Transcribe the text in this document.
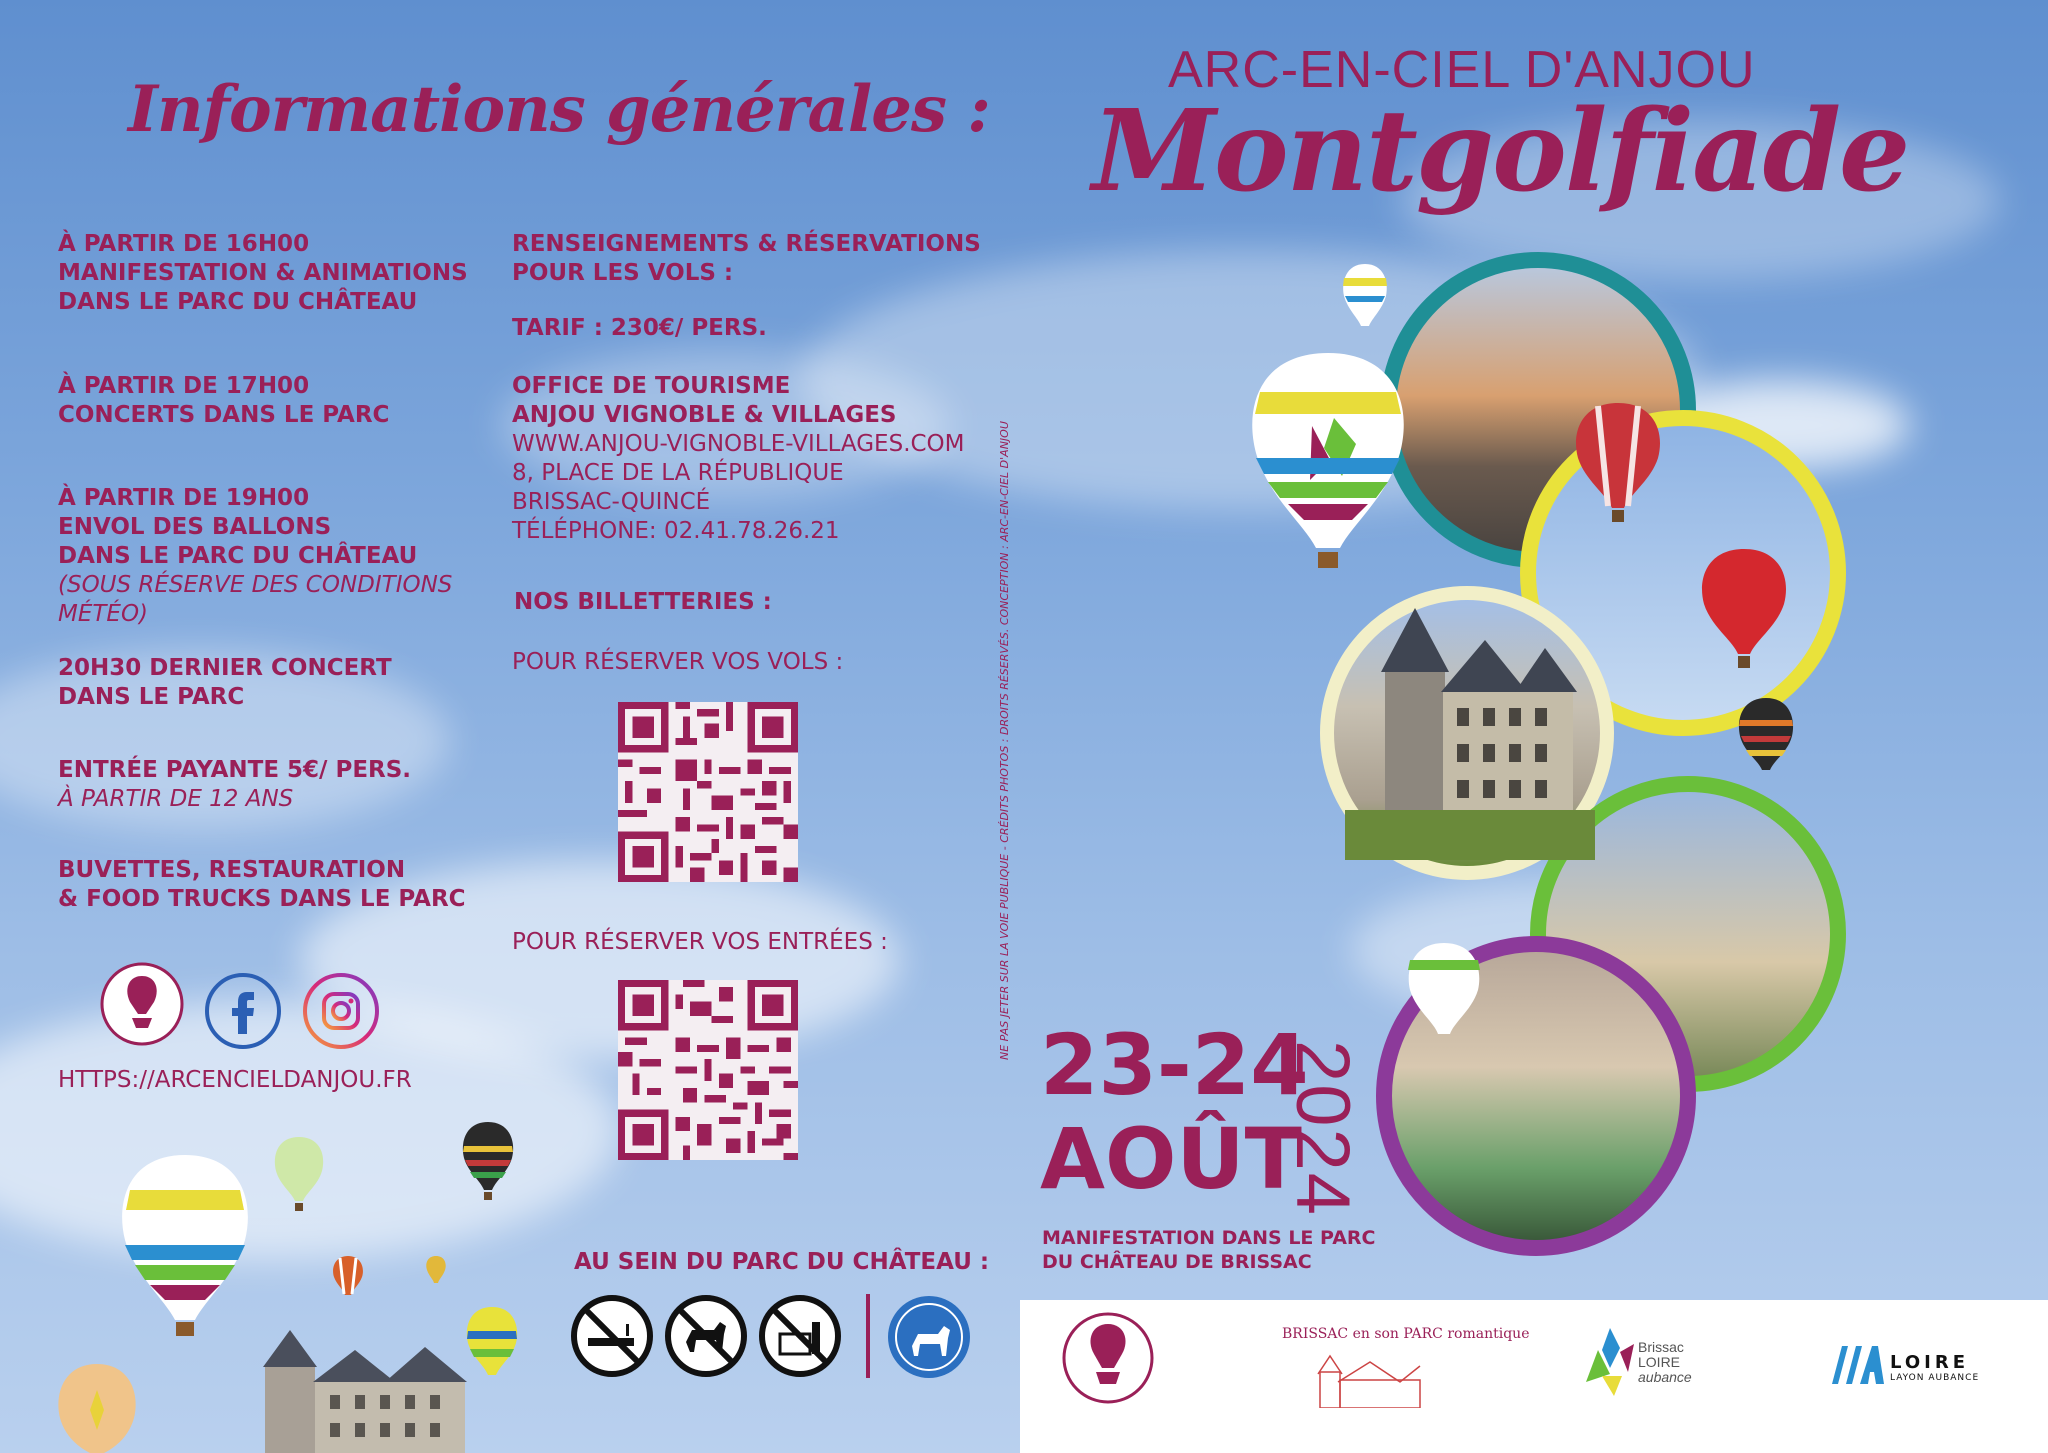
Informations générales :
À PARTIR DE 16H00
MANIFESTATION & ANIMATIONS
DANS LE PARC DU CHÂTEAU
À PARTIR DE 17H00
CONCERTS DANS LE PARC
À PARTIR DE 19H00
ENVOL DES BALLONS
DANS LE PARC DU CHÂTEAU
(SOUS RÉSERVE DES CONDITIONS
MÉTÉO)
20H30 DERNIER CONCERT
DANS LE PARC
ENTRÉE PAYANTE 5€/ PERS.
À PARTIR DE 12 ANS
BUVETTES, RESTAURATION
& FOOD TRUCKS DANS LE PARC
HTTPS://ARCENCIELDANJOU.FR
RENSEIGNEMENTS & RÉSERVATIONS
POUR LES VOLS :
TARIF : 230€/ PERS.
OFFICE DE TOURISME
ANJOU VIGNOBLE & VILLAGES
WWW.ANJOU-VIGNOBLE-VILLAGES.COM
8, PLACE DE LA RÉPUBLIQUE
BRISSAC-QUINCÉ
TÉLÉPHONE: 02.41.78.26.21
NOS BILLETTERIES :
POUR RÉSERVER VOS VOLS :
POUR RÉSERVER VOS ENTRÉES :
AU SEIN DU PARC DU CHÂTEAU :
NE PAS JETER SUR LA VOIE PUBLIQUE - CRÉDITS PHOTOS : DROITS RÉSERVÉS. CONCEPTION : ARC-EN-CIEL D'ANJOU
ARC-EN-CIEL D'ANJOU
Montgolfiade
23-24
AOÛT
2024
MANIFESTATION DANS LE PARC
DU CHÂTEAU DE BRISSAC
BRISSAC en son PARC romantique
Brissac
LOIRE
aubance
LOIRE
LAYON AUBANCE
